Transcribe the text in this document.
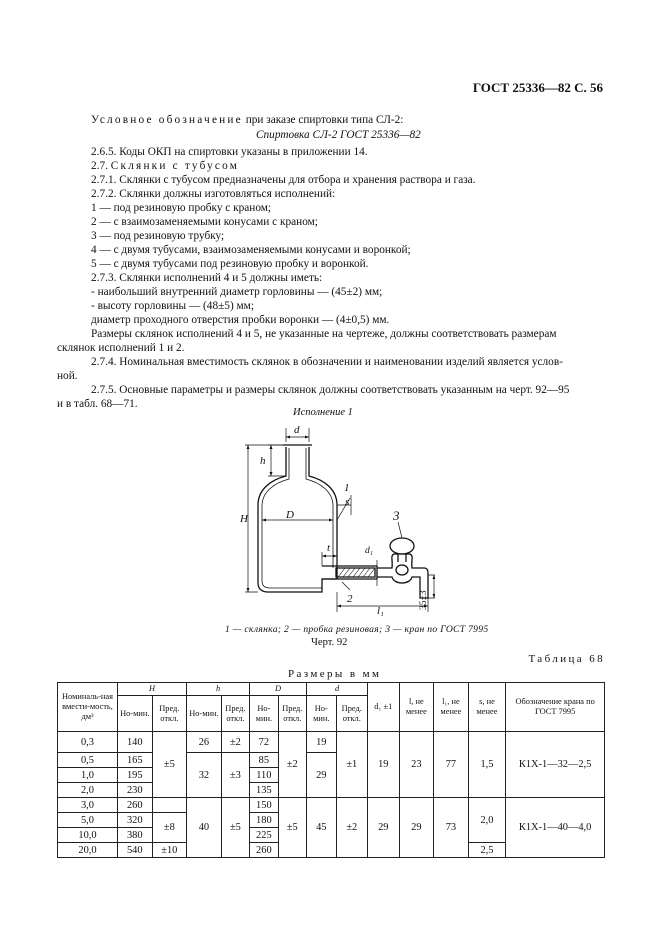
ГОСТ 25336—82 С. 56
Условное обозначение при заказе спиртовки типа СЛ-2:
Спиртовка СЛ-2 ГОСТ 25336—82
2.6.5. Коды ОКП на спиртовки указаны в приложении 14.
2.7. Склянки с тубусом
2.7.1. Склянки с тубусом предназначены для отбора и хранения раствора и газа.
2.7.2. Склянки должны изготовляться исполнений:
1 — под резиновую пробку с краном;
2 — с взаимозаменяемыми конусами с краном;
3 — под резиновую трубку;
4 — с двумя тубусами, взаимозаменяемыми конусами и воронкой;
5 — с двумя тубусами под резиновую пробку и воронкой.
2.7.3. Склянки исполнений 4 и 5 должны иметь:
- наибольший внутренний диаметр горловины — (45±2) мм;
- высоту горловины — (48±5) мм;
диаметр проходного отверстия пробки воронки — (4±0,5) мм.
Размеры склянок исполнений 4 и 5, не указанные на чертеже, должны соответствовать размерам
склянок исполнений 1 и 2.
2.7.4. Номинальная вместимость склянок в обозначении и наименовании изделий является услов-
ной.
2.7.5. Основные параметры и размеры склянок должны соответствовать указанным на черт. 92—95
и в табл. 68—71.
Исполнение 1
d
h
H	D
s
t	d₁
l₁
1
2
3
35±3
1 — склянка; 2 — пробка резиновая; 3 — кран по ГОСТ 7995
Черт. 92
Таблица 68
Размеры в мм
Номиналь-ная вмести-мость, дм³	H		h		D		d		d₁ ±1	l, не менее	l₁, не менее	s, не менее	Обозначение крана по ГОСТ 7995
	Но-мин.	Пред. откл.	Но-мин.	Пред. откл.	Но-мин.	Пред. откл.	Но-мин.	Пред. откл.					
0,3	140	±5	26	±2	72	±2	19	±1	19	23	77	1,5	К1Х-1—32—2,5
0,5	165		32	±3	85		29						
1,0	195				110								
2,0	230				135								
3,0	260		40	±5	150	±5	45	±2	29	29	73	2,0	К1Х-1—40—4,0
5,0	320	±8			180								
10,0	380				225								
20,0	540	±10			260							2,5	
